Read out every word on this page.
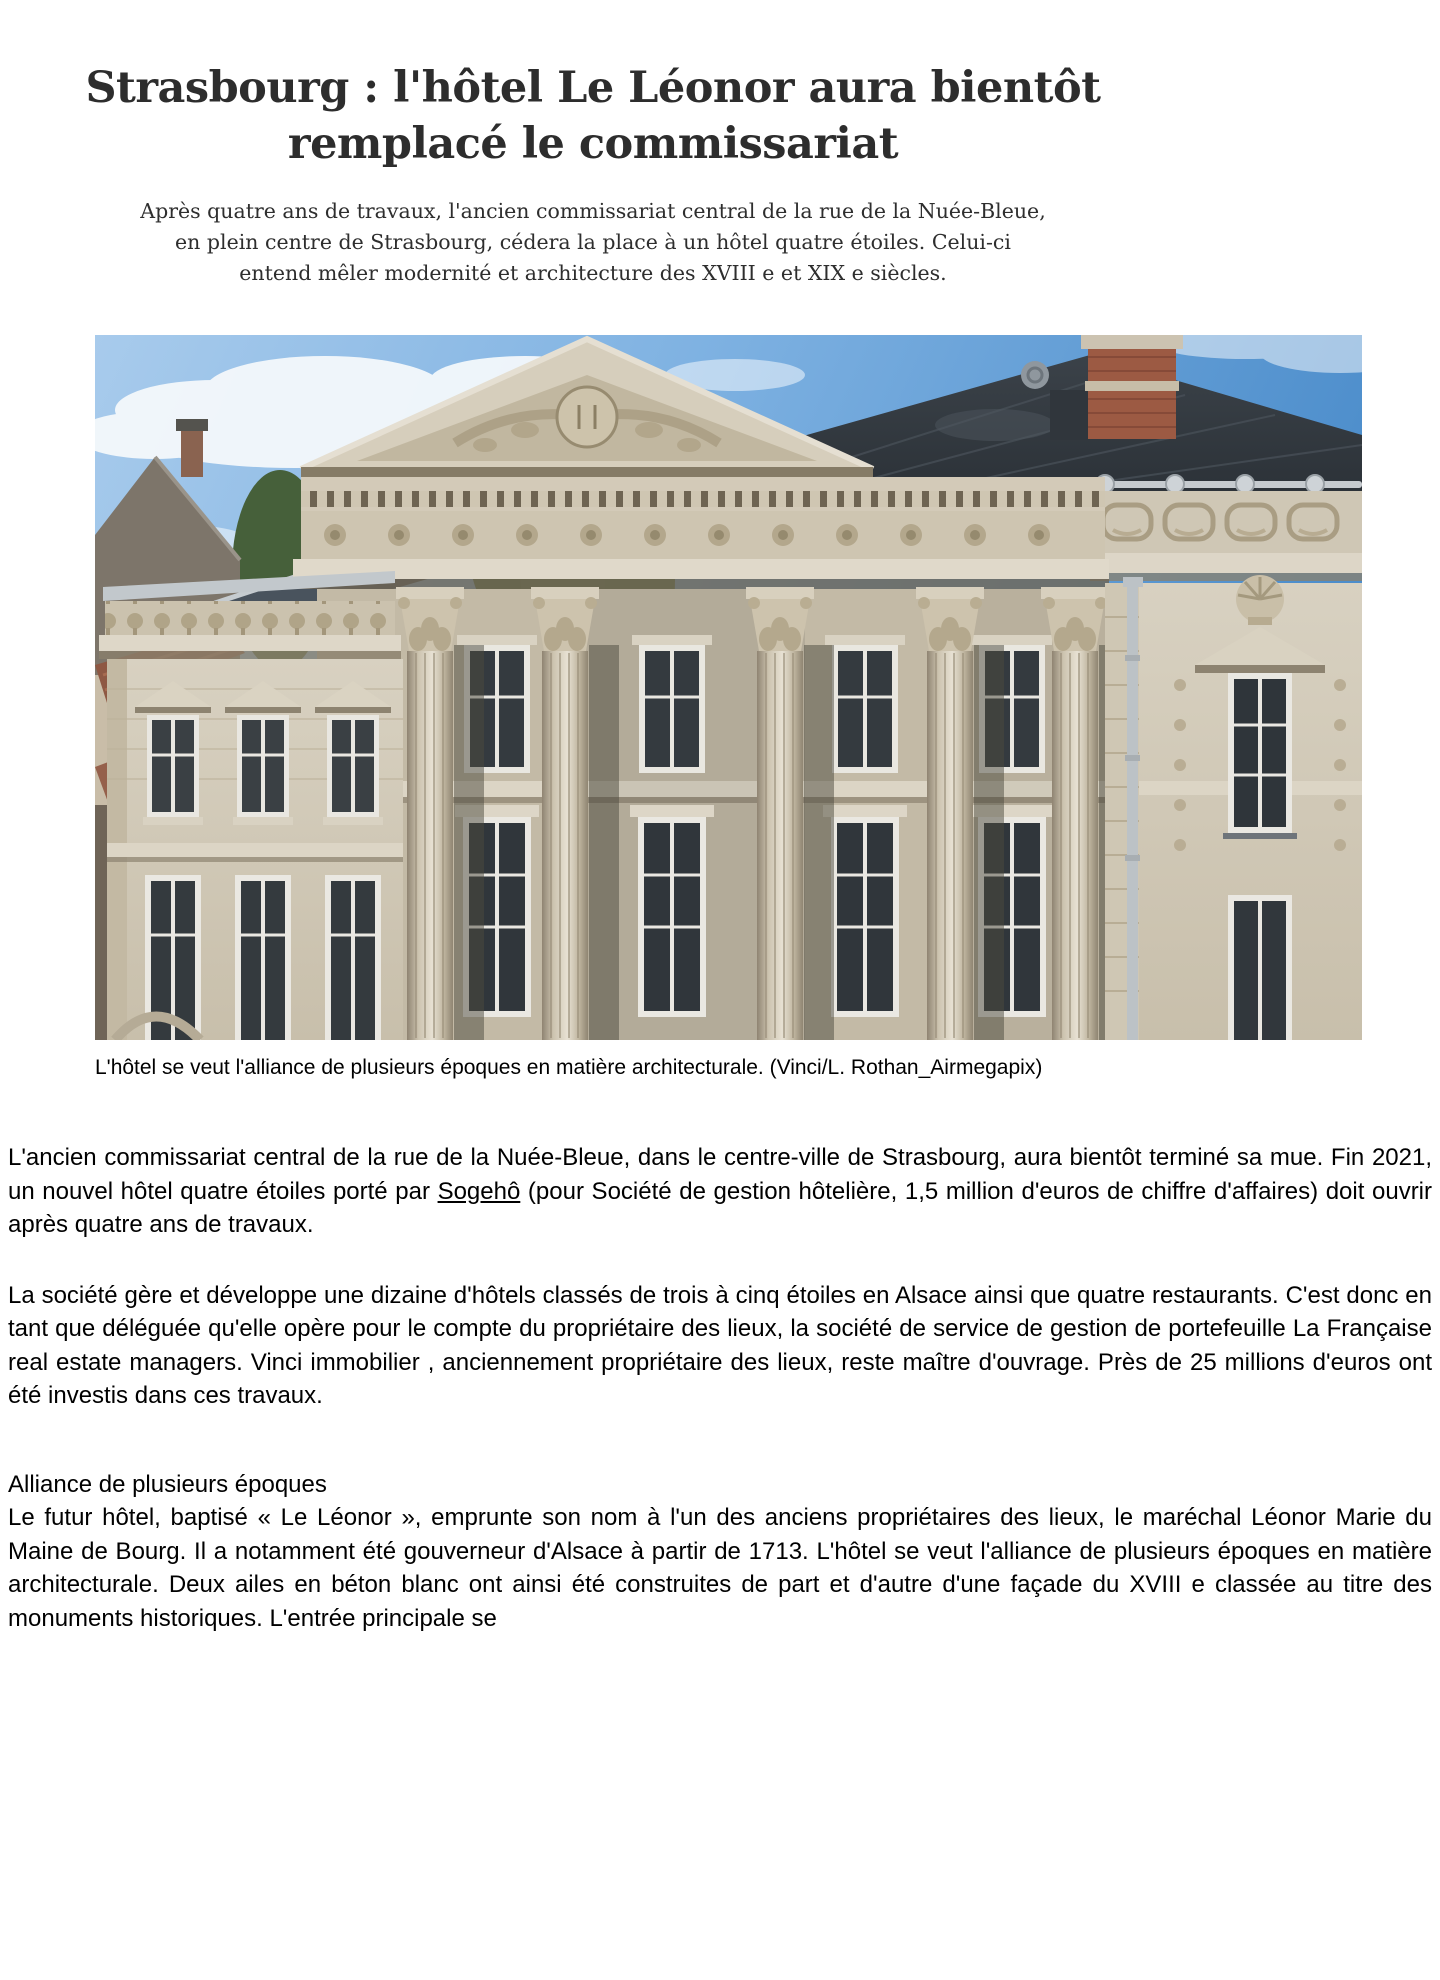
Strasbourg : l'hôtel Le Léonor aura bientôt remplacé le commissariat
Après quatre ans de travaux, l'ancien commissariat central de la rue de la Nuée-Bleue, en plein centre de Strasbourg, cédera la place à un hôtel quatre étoiles. Celui-ci entend mêler modernité et architecture des XVIII e et XIX e siècles.
L'hôtel se veut l'alliance de plusieurs époques en matière architecturale. (Vinci/L. Rothan_Airmegapix)

L'ancien commissariat central de la rue de la Nuée-Bleue, dans le centre-ville de Strasbourg, aura bientôt terminé sa mue. Fin 2021, un nouvel hôtel quatre étoiles porté par Sogehô (pour Société de gestion hôtelière, 1,5 million d'euros de chiffre d'affaires) doit ouvrir après quatre ans de travaux.

La société gère et développe une dizaine d'hôtels classés de trois à cinq étoiles en Alsace ainsi que quatre restaurants. C'est donc en tant que déléguée qu'elle opère pour le compte du propriétaire des lieux, la société de service de gestion de portefeuille La Française real estate managers. Vinci immobilier , anciennement propriétaire des lieux, reste maître d'ouvrage. Près de 25 millions d'euros ont été investis dans ces travaux.

Alliance de plusieurs époques

Le futur hôtel, baptisé « Le Léonor », emprunte son nom à l'un des anciens propriétaires des lieux, le maréchal Léonor Marie du Maine de Bourg. Il a notamment été gouverneur d'Alsace à partir de 1713. L'hôtel se veut l'alliance de plusieurs époques en matière architecturale. Deux ailes en béton blanc ont ainsi été construites de part et d'autre d'une façade du XVIII e classée au titre des monuments historiques. L'entrée principale se
